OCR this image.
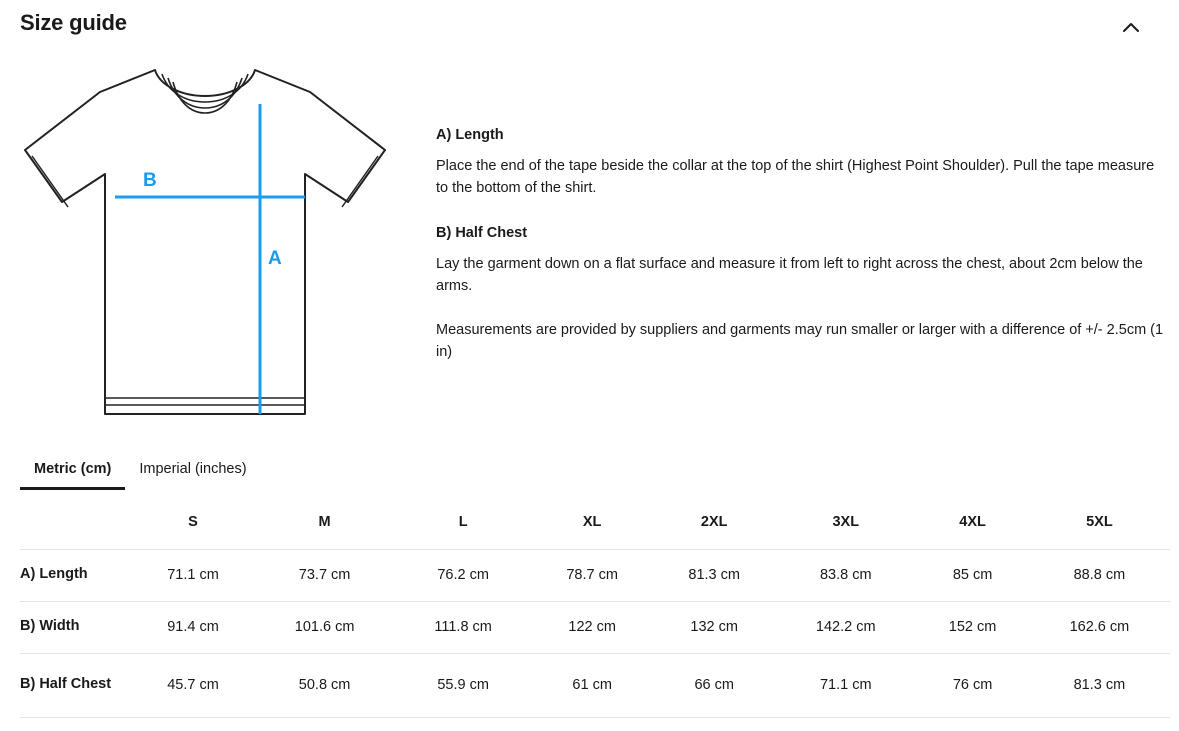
Size guide
B
A

A) Length

Place the end of the tape beside the collar at the top of the shirt (Highest Point Shoulder). Pull the tape measure to the bottom of the shirt.

B) Half Chest

Lay the garment down on a flat surface and measure it from left to right across the chest, about 2cm below the arms.

Measurements are provided by suppliers and garments may run smaller or larger with a difference of +/- 2.5cm (1 in)

Metric (cm)	Imperial (inches)
	S	M	L	XL	2XL	3XL	4XL	5XL
A) Length	71.1 cm	73.7 cm	76.2 cm	78.7 cm	81.3 cm	83.8 cm	85 cm	88.8 cm
B) Width	91.4 cm	101.6 cm	111.8 cm	122 cm	132 cm	142.2 cm	152 cm	162.6 cm
B) Half Chest	45.7 cm	50.8 cm	55.9 cm	61 cm	66 cm	71.1 cm	76 cm	81.3 cm
